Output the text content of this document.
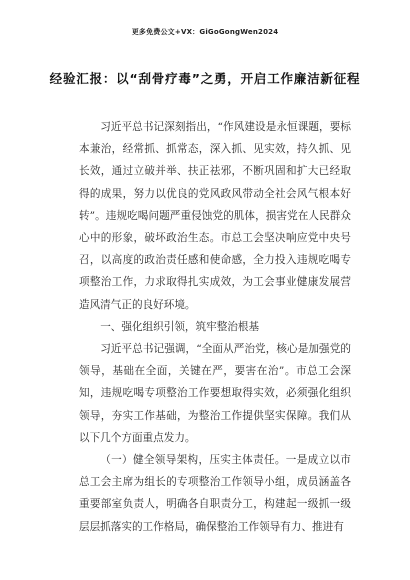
更多免费公文+VX：GiGoGongWen2024
经验汇报：以“刮骨疗毒”之勇，开启工作廉洁新征程

习近平总书记深刻指出，“作风建设是永恒课题，要标本兼治，经常抓、抓常态，深入抓、见实效，持久抓、见长效，通过立破并举、扶正祛邪，不断巩固和扩大已经取得的成果，努力以优良的党风政风带动全社会风气根本好转”。违规吃喝问题严重侵蚀党的肌体，损害党在人民群众心中的形象，破坏政治生态。市总工会坚决响应党中央号召，以高度的政治责任感和使命感，全力投入违规吃喝专项整治工作，力求取得扎实成效，为工会事业健康发展营造风清气正的良好环境。

一、强化组织引领，筑牢整治根基

习近平总书记强调，“全面从严治党，核心是加强党的领导，基础在全面，关键在严，要害在治”。市总工会深知，违规吃喝专项整治工作要想取得实效，必须强化组织领导，夯实工作基础，为整治工作提供坚实保障。我们从以下几个方面重点发力。

（一）健全领导架构，压实主体责任。一是成立以市总工会主席为组长的专项整治工作领导小组，成员涵盖各重要部室负责人，明确各自职责分工，构建起一级抓一级层层抓落实的工作格局，确保整治工作领导有力、推进有
